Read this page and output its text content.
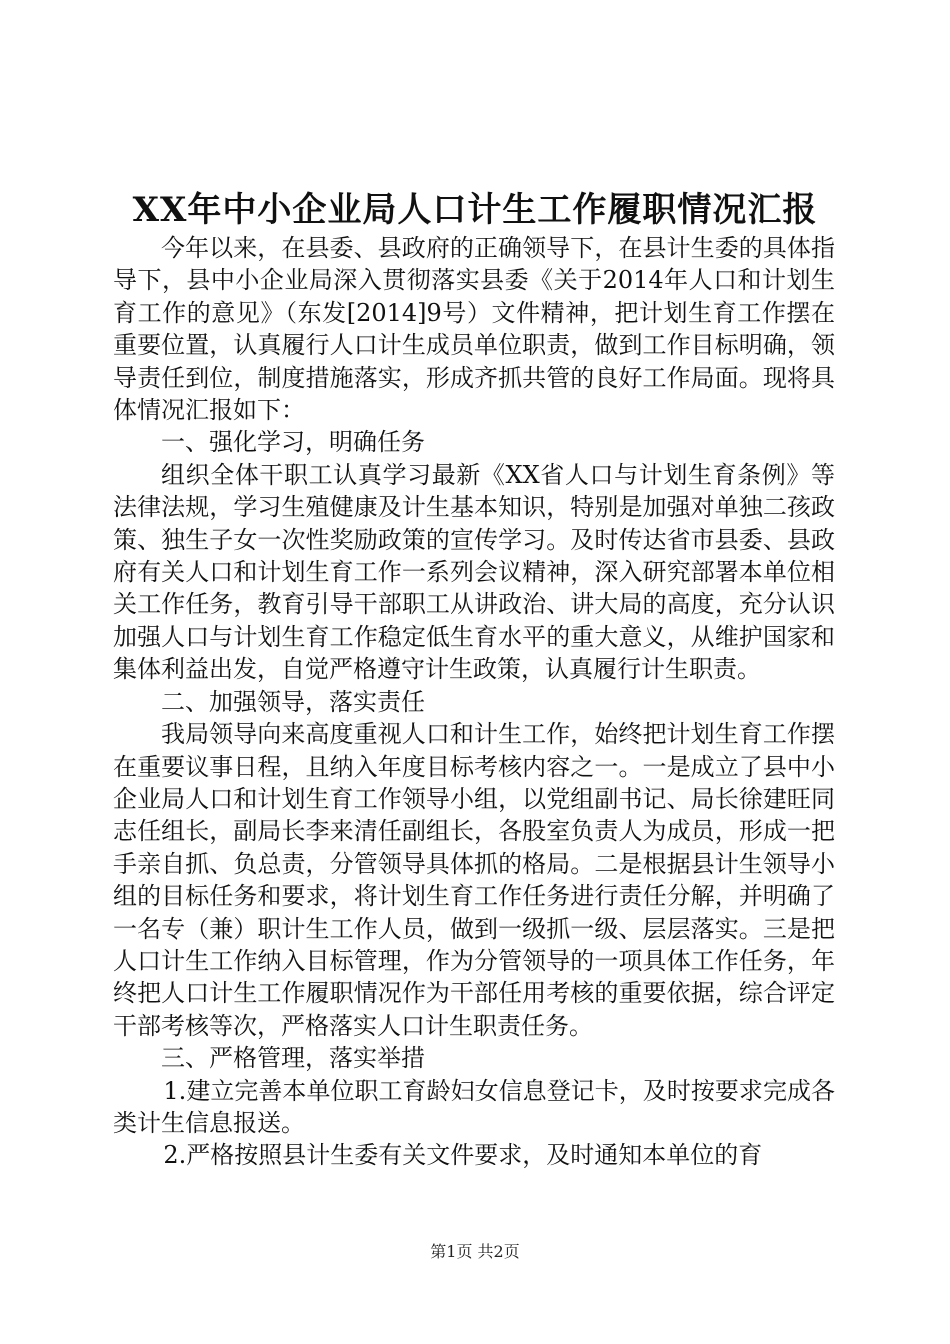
XX年中小企业局人口计生工作履职情况汇报

今年以来，在县委、县政府的正确领导下，在县计生委的具体指导下，县中小企业局深入贯彻落实县委《关于2014年人口和计划生育工作的意见》（东发[2014]9号）文件精神，把计划生育工作摆在重要位置，认真履行人口计生成员单位职责，做到工作目标明确，领导责任到位，制度措施落实，形成齐抓共管的良好工作局面。现将具体情况汇报如下：

一、强化学习，明确任务

组织全体干职工认真学习最新《XX省人口与计划生育条例》等法律法规，学习生殖健康及计生基本知识，特别是加强对单独二孩政策、独生子女一次性奖励政策的宣传学习。及时传达省市县委、县政府有关人口和计划生育工作一系列会议精神，深入研究部署本单位相关工作任务，教育引导干部职工从讲政治、讲大局的高度，充分认识加强人口与计划生育工作稳定低生育水平的重大意义，从维护国家和集体利益出发，自觉严格遵守计生政策，认真履行计生职责。

二、加强领导，落实责任

我局领导向来高度重视人口和计生工作，始终把计划生育工作摆在重要议事日程，且纳入年度目标考核内容之一。一是成立了县中小企业局人口和计划生育工作领导小组，以党组副书记、局长徐建旺同志任组长，副局长李来清任副组长，各股室负责人为成员，形成一把手亲自抓、负总责，分管领导具体抓的格局。二是根据县计生领导小组的目标任务和要求，将计划生育工作任务进行责任分解，并明确了一名专（兼）职计生工作人员，做到一级抓一级、层层落实。三是把人口计生工作纳入目标管理，作为分管领导的一项具体工作任务，年终把人口计生工作履职情况作为干部任用考核的重要依据，综合评定干部考核等次，严格落实人口计生职责任务。

三、严格管理，落实举措

1.建立完善本单位职工育龄妇女信息登记卡，及时按要求完成各类计生信息报送。

2.严格按照县计生委有关文件要求，及时通知本单位的育

第1页 共2页
